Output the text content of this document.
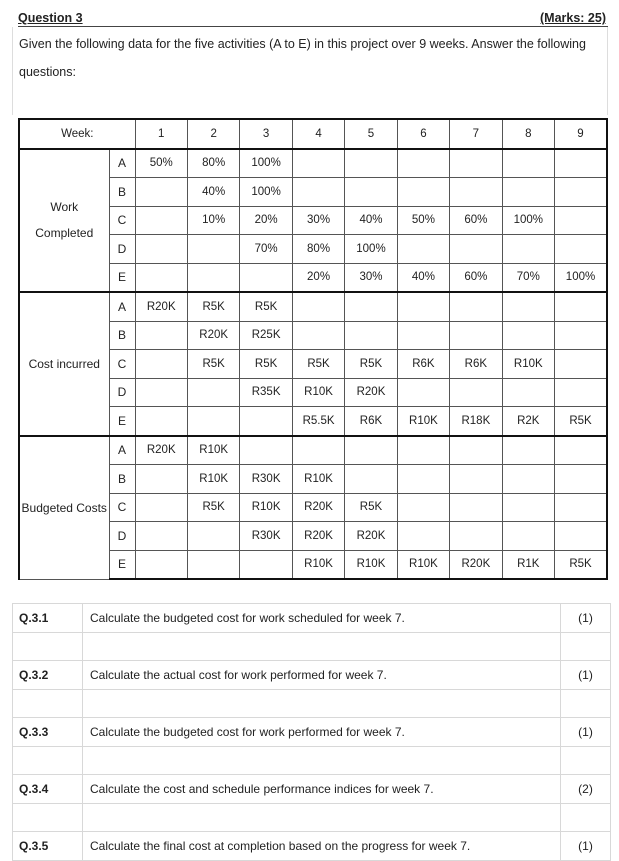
Question 3	(Marks: 25)
Given the following data for the five activities (A to E) in this project over 9 weeks. Answer the following questions:
Week:		1	2	3	4	5	6	7	8	9
Work Completed	A	50%	80%	100%						
	B		40%	100%						
	C		10%	20%	30%	40%	50%	60%	100%	
	D			70%	80%	100%				
	E				20%	30%	40%	60%	70%	100%
Cost incurred	A	R20K	R5K	R5K						
	B		R20K	R25K						
	C		R5K	R5K	R5K	R5K	R6K	R6K	R10K	
	D			R35K	R10K	R20K				
	E				R5.5K	R6K	R10K	R18K	R2K	R5K
Budgeted Costs	A	R20K	R10K							
	B		R10K	R30K	R10K					
	C		R5K	R10K	R20K	R5K				
	D			R30K	R20K	R20K				
	E				R10K	R10K	R10K	R20K	R1K	R5K
Q.3.1	Calculate the budgeted cost for work scheduled for week 7.	(1)

Q.3.2	Calculate the actual cost for work performed for week 7.	(1)

Q.3.3	Calculate the budgeted cost for work performed for week 7.	(1)

Q.3.4	Calculate the cost and schedule performance indices for week 7.	(2)

Q.3.5	Calculate the final cost at completion based on the progress for week 7.	(1)
